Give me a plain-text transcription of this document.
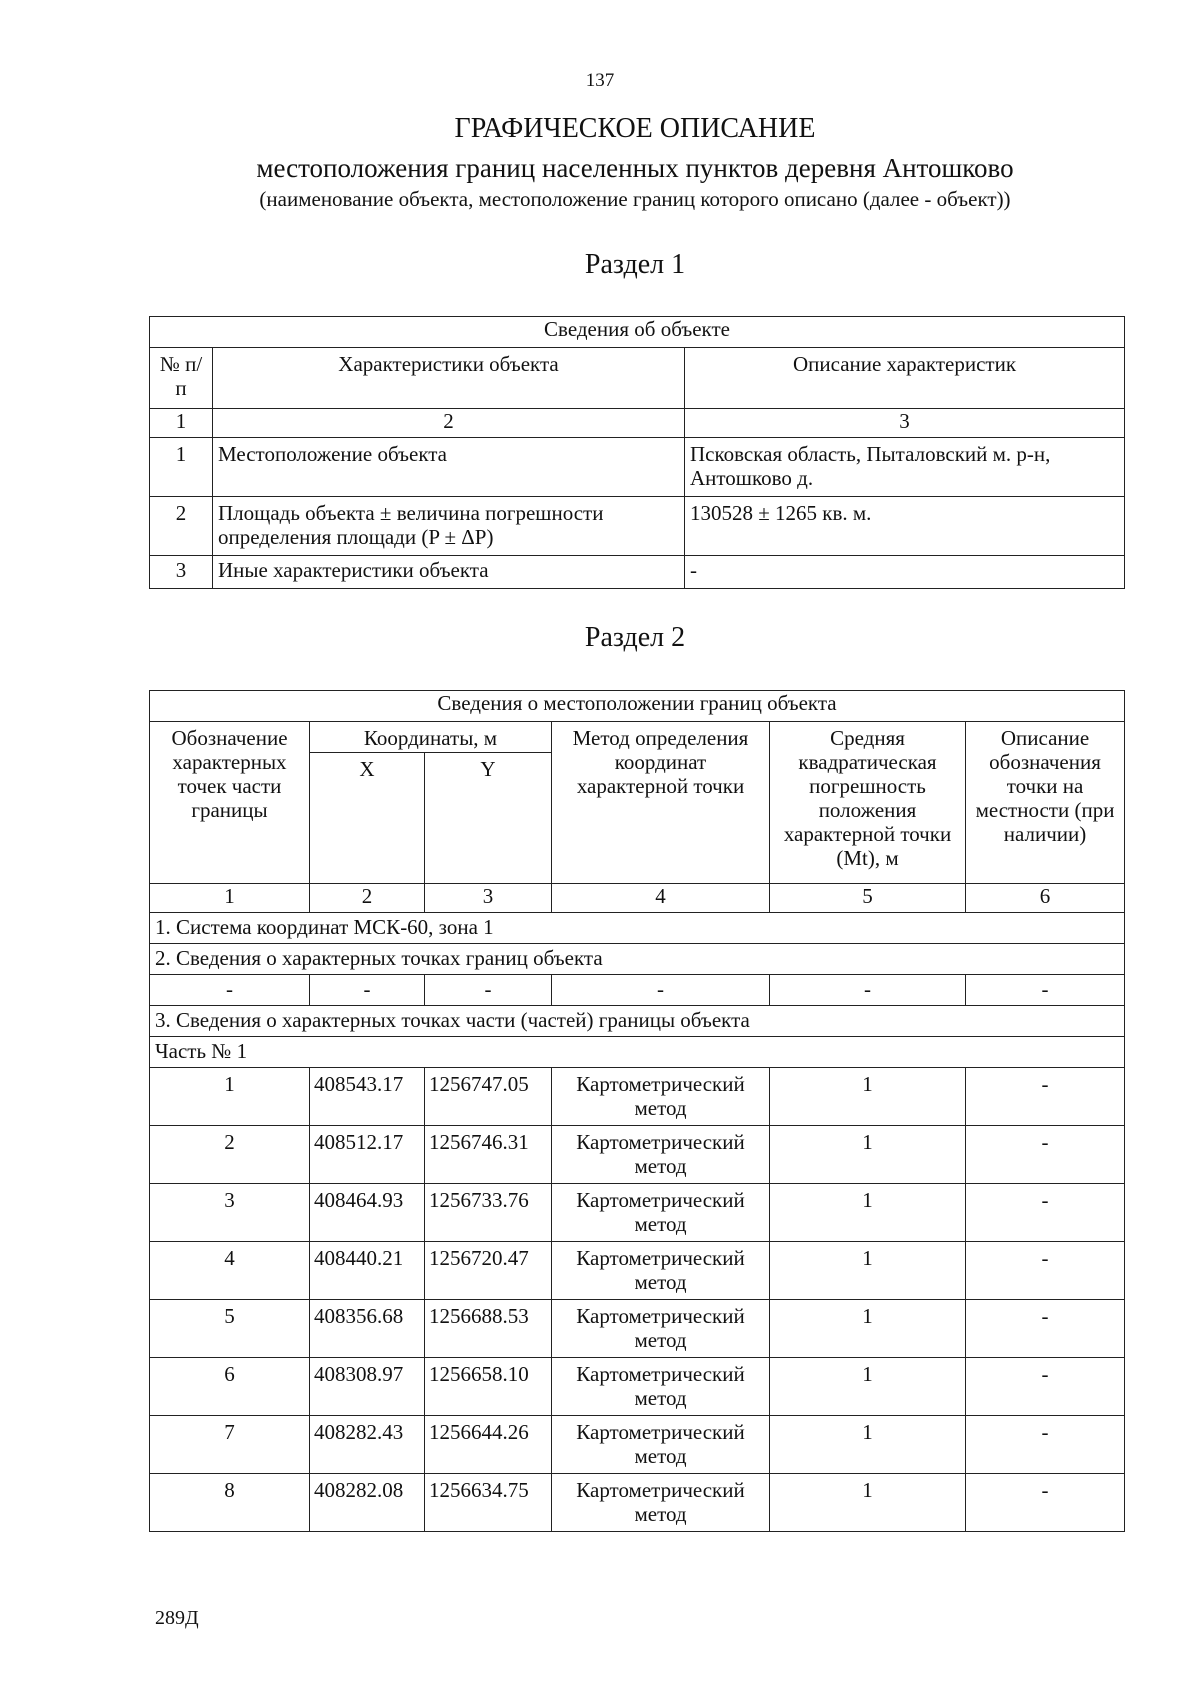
137
ГРАФИЧЕСКОЕ ОПИСАНИЕ
местоположения границ населенных пунктов деревня Антошково
(наименование объекта, местоположение границ которого описано (далее - объект))
Раздел 1
Сведения об объекте		
№ п/п	Характеристики объекта	Описание характеристик
1	2	3
1	Местоположение объекта	Псковская область, Пыталовский м. р-н, Антошково д.
2	Площадь объекта ± величина погрешности определения площади (P ± ΔP)	130528 ± 1265 кв. м.
3	Иные характеристики объекта	-
Раздел 2
Сведения о местоположении границ объекта					
Обозначение характерных точек части границы	Координаты, м		Метод определения координат характерной точки	Средняя квадратическая погрешность положения характерной точки (Mt), м	Описание обозначения точки на местности (при наличии)
	X	Y			
1	2	3	4	5	6
1. Система координат МСК-60, зона 1					
2. Сведения о характерных точках границ объекта					
-	-	-	-	-	-
3. Сведения о характерных точках части (частей) границы объекта					
Часть № 1					
1	408543.17	1256747.05	Картометрический метод	1	-
2	408512.17	1256746.31	Картометрический метод	1	-
3	408464.93	1256733.76	Картометрический метод	1	-
4	408440.21	1256720.47	Картометрический метод	1	-
5	408356.68	1256688.53	Картометрический метод	1	-
6	408308.97	1256658.10	Картометрический метод	1	-
7	408282.43	1256644.26	Картометрический метод	1	-
8	408282.08	1256634.75	Картометрический метод	1	-
289Д
